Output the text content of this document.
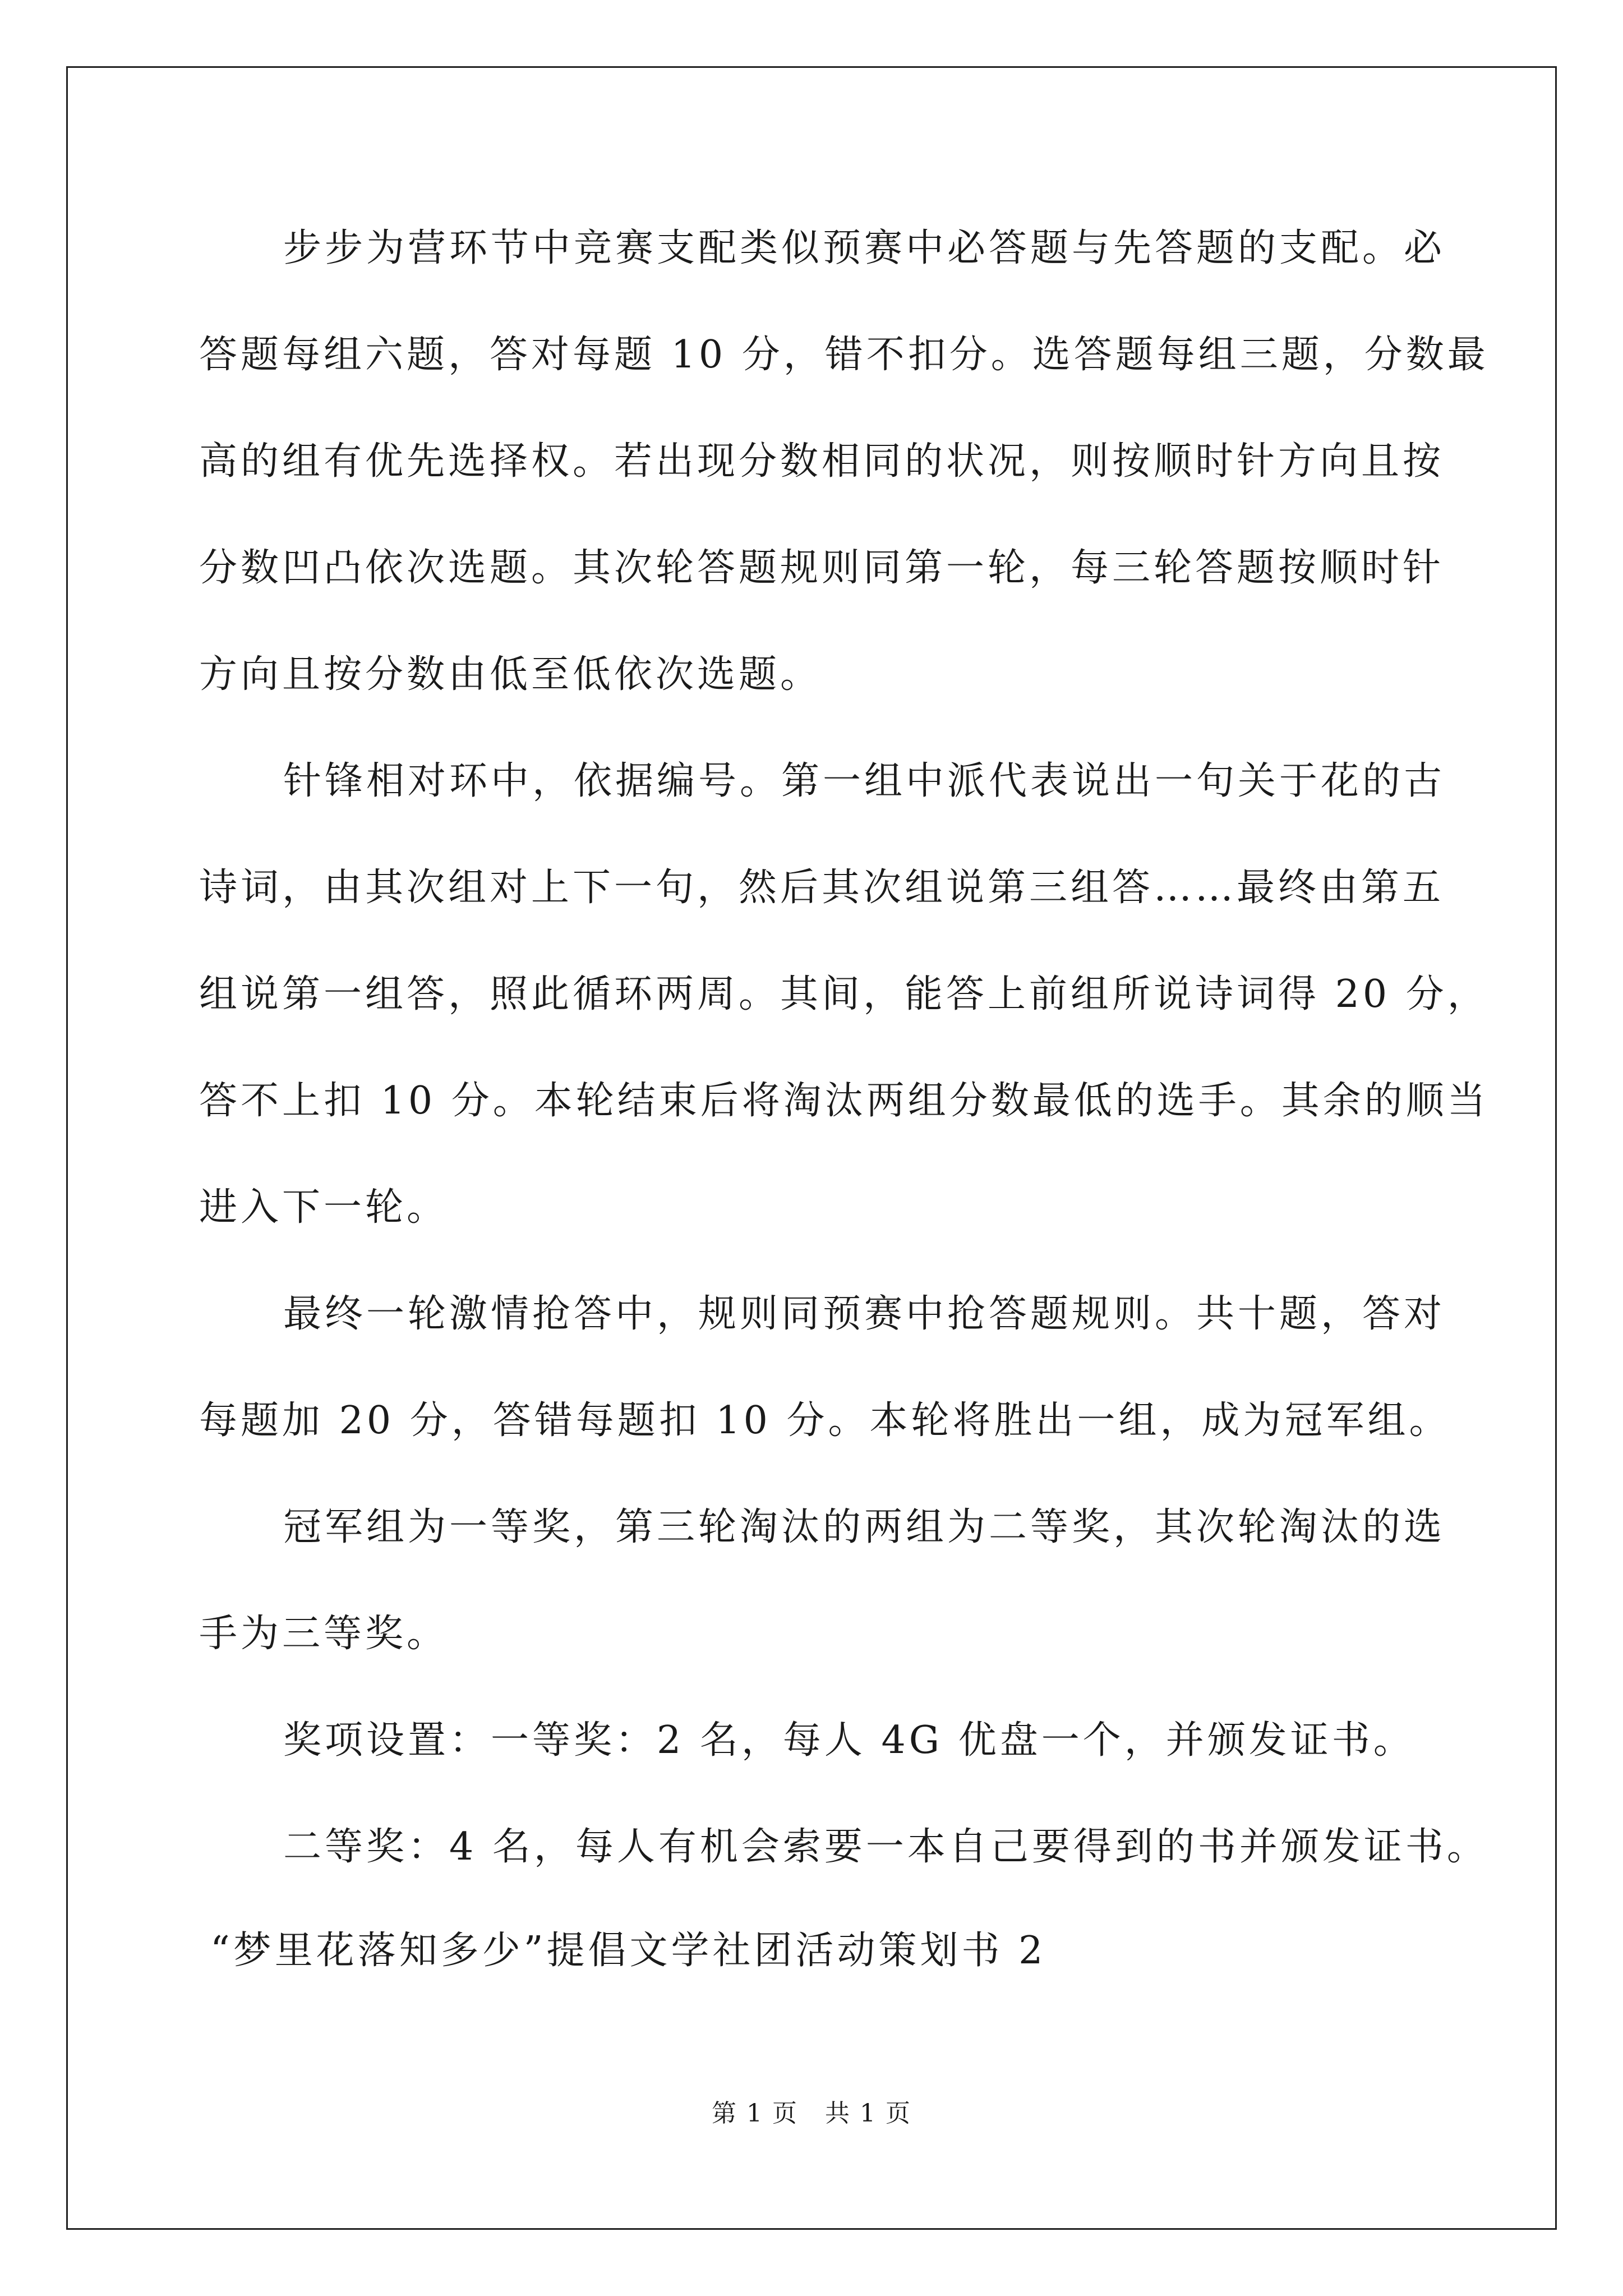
步步为营环节中竞赛支配类似预赛中必答题与先答题的支配。必
答题每组六题，答对每题 10 分，错不扣分。选答题每组三题，分数最
高的组有优先选择权。若出现分数相同的状况，则按顺时针方向且按
分数凹凸依次选题。其次轮答题规则同第一轮，每三轮答题按顺时针
方向且按分数由低至低依次选题。
针锋相对环中，依据编号。第一组中派代表说出一句关于花的古
诗词，由其次组对上下一句，然后其次组说第三组答……最终由第五
组说第一组答，照此循环两周。其间，能答上前组所说诗词得 20 分，
答不上扣 10 分。本轮结束后将淘汰两组分数最低的选手。其余的顺当
进入下一轮。
最终一轮激情抢答中，规则同预赛中抢答题规则。共十题，答对
每题加 20 分，答错每题扣 10 分。本轮将胜出一组，成为冠军组。
冠军组为一等奖，第三轮淘汰的两组为二等奖，其次轮淘汰的选
手为三等奖。
奖项设置：一等奖：2 名，每人 4G 优盘一个，并颁发证书。
二等奖：4 名，每人有机会索要一本自己要得到的书并颁发证书。
“梦里花落知多少”提倡文学社团活动策划书 2
第 1 页 共 1 页
